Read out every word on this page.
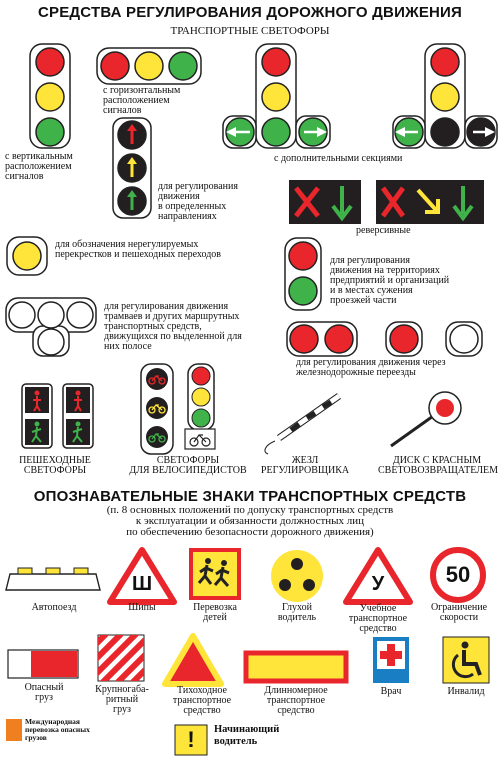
СРЕДСТВА РЕГУЛИРОВАНИЯ ДОРОЖНОГО ДВИЖЕНИЯ
ТРАНСПОРТНЫЕ СВЕТОФОРЫ
с вертикальным
расположением
сигналов
с горизонтальным
расположением
сигналов
с дополнительными секциями
для регулирования
движения
в определенных
направлениях
реверсивные
для обозначения нерегулируемых
перекрестков и пешеходных переходов
для регулирования
движения на территориях
предприятий и организаций
и в местах сужения
проезжей части
для регулирования движения
трамваев и других маршрутных
транспортных средств,
движущихся по выделенной для
них полосе
для регулирования движения через
железнодорожные переезды
ПЕШЕХОДНЫЕ
СВЕТОФОРЫ
СВЕТОФОРЫ
ДЛЯ ВЕЛОСИПЕДИСТОВ
ЖЕЗЛ
РЕГУЛИРОВЩИКА
ДИСК С КРАСНЫМ
СВЕТОВОЗВРАЩАТЕЛЕМ
ОПОЗНАВАТЕЛЬНЫЕ ЗНАКИ ТРАНСПОРТНЫХ СРЕДСТВ
(п. 8 основных положений по допуску транспортных средств
к эксплуатации и обязанности должностных лиц
по обеспечению безопасности дорожного движения)
Ш	У	50
!
Автопоезд	Шипы	Перевозка
детей
Глухой
водитель
Учебное
транспортное
средство
Ограничение
скорости
Опасный
груз
Крупногаба-
ритный
груз
Тихоходное
транспортное
средство
Длинномерное
транспортное
средство
Врач	Инвалид
Международная
перевозка опасных
грузов
Начинающий
водитель
